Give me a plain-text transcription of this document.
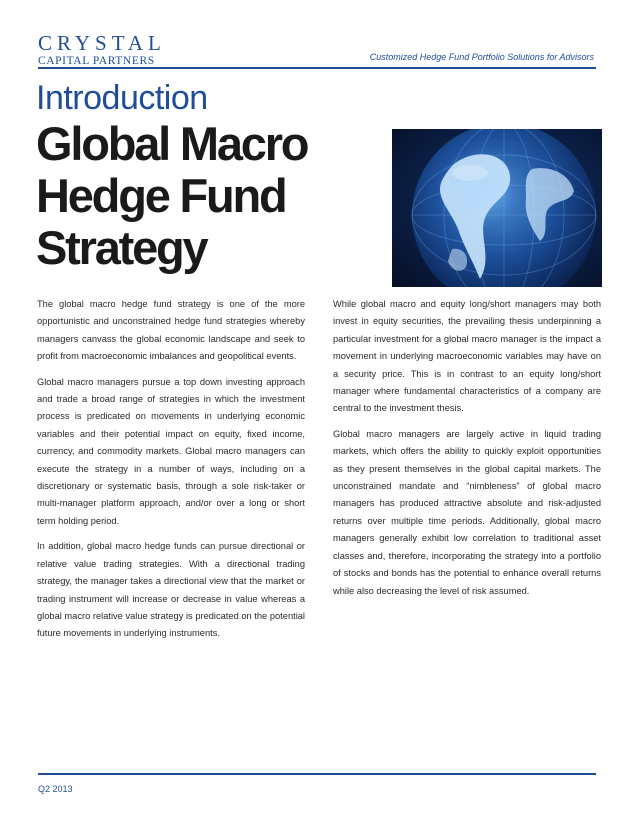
CRYSTAL
CAPITAL PARTNERS	Customized Hedge Fund Portfolio Solutions for Advisors
Introduction
Global Macro
Hedge Fund
Strategy

The global macro hedge fund strategy is one of the more opportunistic and unconstrained hedge fund strategies whereby managers canvass the global economic landscape and seek to profit from macroeconomic imbalances and geopolitical events.

Global macro managers pursue a top down investing approach and trade a broad range of strategies in which the investment process is predicated on movements in underlying economic variables and their potential impact on equity, fixed income, currency, and commodity markets. Global macro managers can execute the strategy in a number of ways, including on a discretionary or systematic basis, through a sole risk-taker or multi-manager platform approach, and/or over a long or short term holding period.

In addition, global macro hedge funds can pursue directional or relative value trading strategies. With a directional trading strategy, the manager takes a directional view that the market or trading instrument will increase or decrease in value whereas a global macro relative value strategy is predicated on the potential future movements in underlying instruments.

While global macro and equity long/short managers may both invest in equity securities, the prevailing thesis underpinning a particular investment for a global macro manager is the impact a movement in underlying macroeconomic variables may have on a security price. This is in contrast to an equity long/short manager where fundamental characteristics of a company are central to the investment thesis.

Global macro managers are largely active in liquid trading markets, which offers the ability to quickly exploit opportunities as they present themselves in the global capital markets. The unconstrained mandate and “nimbleness” of global macro managers has produced attractive absolute and risk-adjusted returns over multiple time periods. Additionally, global macro managers generally exhibit low correlation to traditional asset classes and, therefore, incorporating the strategy into a portfolio of stocks and bonds has the potential to enhance overall returns while also decreasing the level of risk assumed.

Q2 2013
